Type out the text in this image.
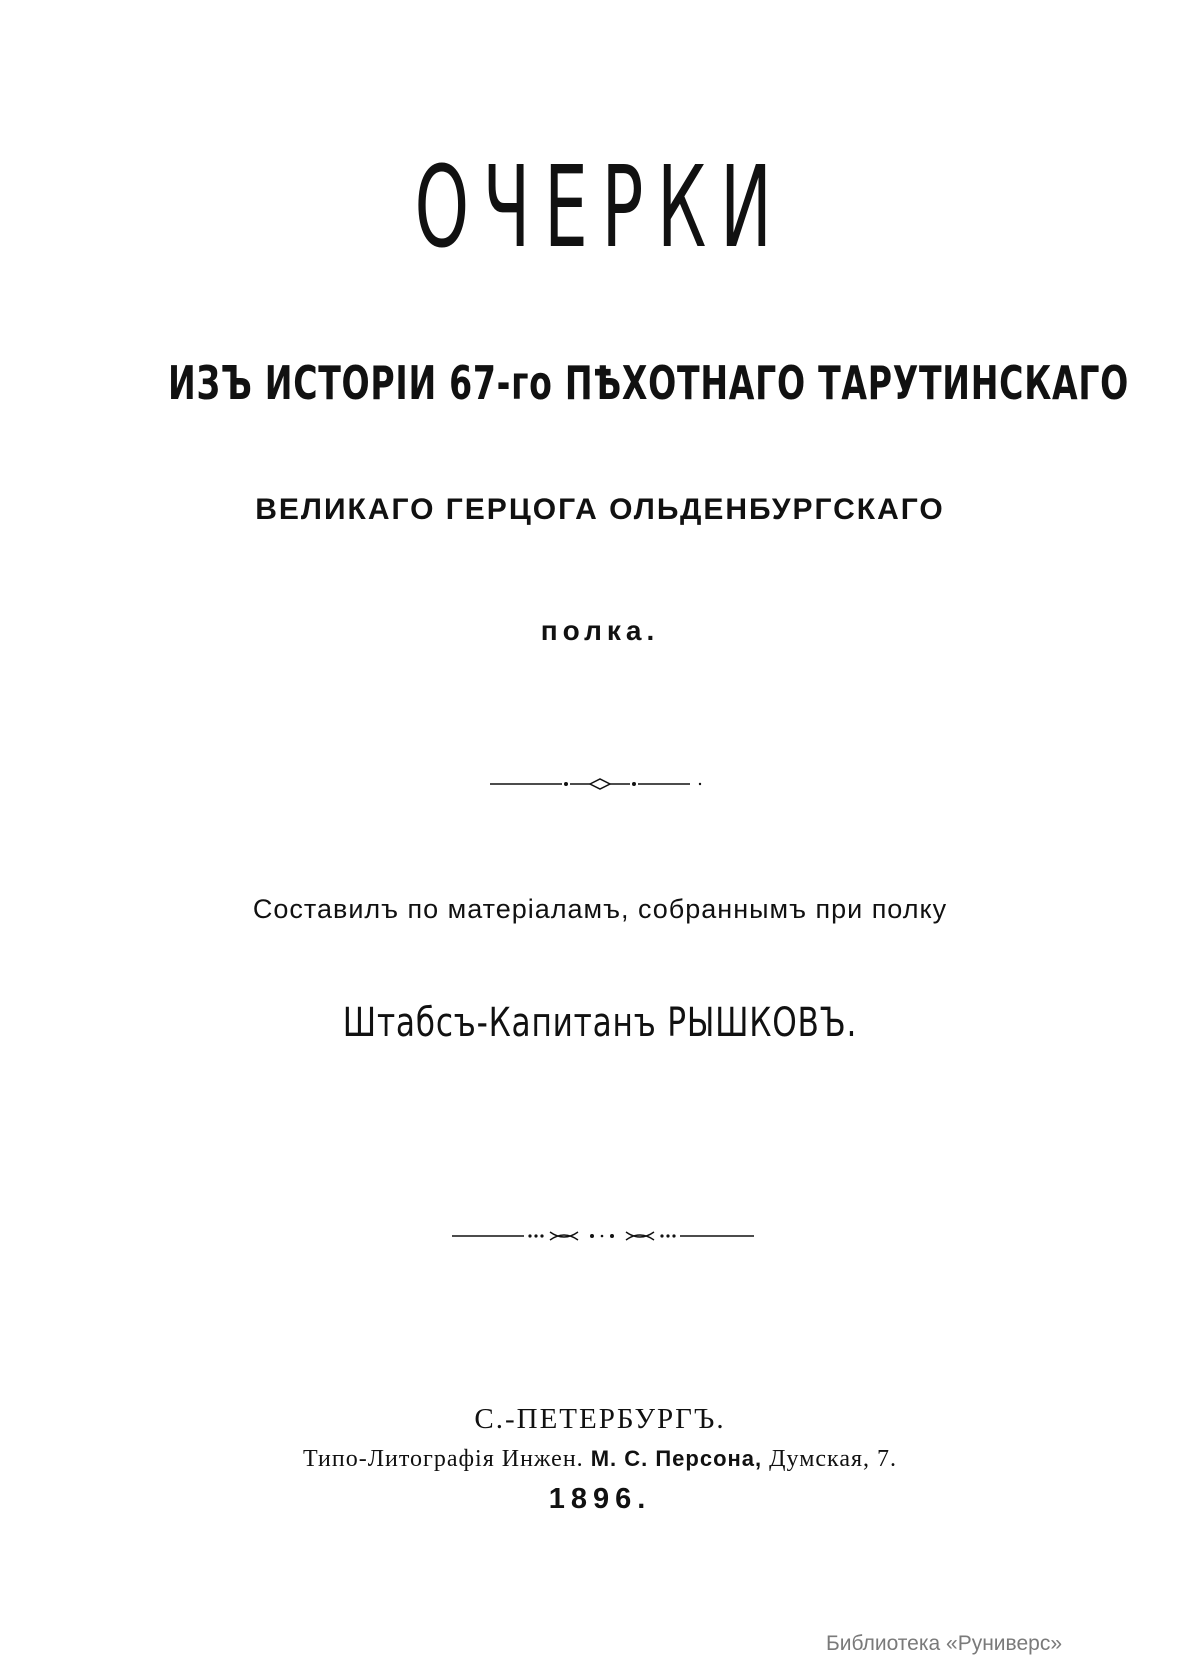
ОЧЕРКИ
ИЗЪ ИСТОРІИ 67-го ПѢХОТНАГО ТАРУТИНСКАГО
ВЕЛИКАГО ГЕРЦОГА ОЛЬДЕНБУРГСКАГО
полка.
Составилъ по матеріаламъ, собраннымъ при полку
Штабсъ-Капитанъ РЫШКОВЪ.
С.-ПЕТЕРБУРГЪ.
Типо-Литографія Инжен. М. С. Персона, Думская, 7.
1896.
Библиотека «Руниверс»
